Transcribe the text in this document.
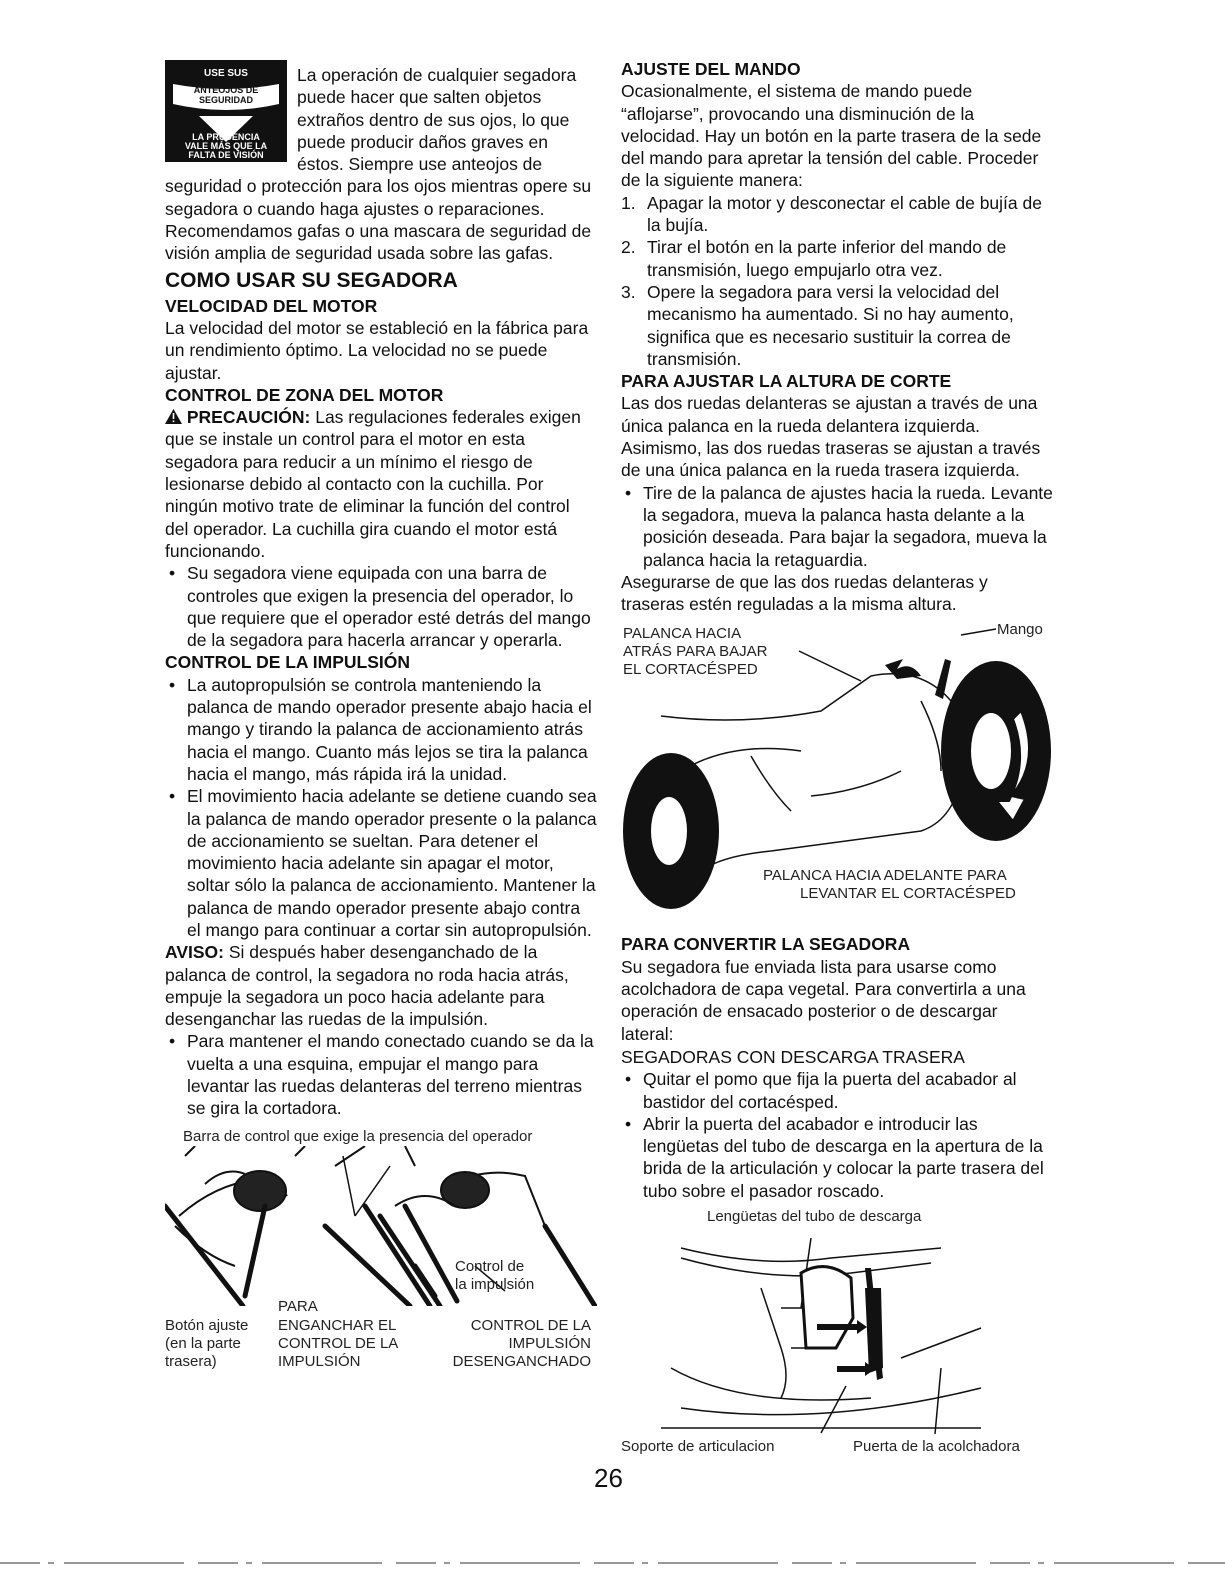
USE SUS
ANTEOJOS DE
SEGURIDAD
LA PRUDENCIA
VALE MÁS QUE LA
FALTA DE VISIÓN

La operación de cualquier segadora puede hacer que salten objetos extraños dentro de sus ojos, lo que puede producir daños graves en éstos. Siempre use anteojos de seguridad o protección para los ojos mientras opere su segadora o cuando haga ajustes o reparaciones. Recomendamos gafas o una mascara de seguridad de visión amplia de seguridad usada sobre las gafas.

COMO USAR SU SEGADORA
VELOCIDAD DEL MOTOR

La velocidad del motor se estableció en la fábrica para un rendimiento óptimo. La velocidad no se puede ajustar.

CONTROL DE ZONA DEL MOTOR

PRECAUCIÓN: Las regulaciones federales exigen que se instale un control para el motor en esta segadora para reducir a un mínimo el riesgo de lesionarse debido al contacto con la cuchilla. Por ningún motivo trate de eliminar la función del control del operador. La cuchilla gira cuando el motor está funcionando.

• Su segadora viene equipada con una barra de controles que exigen la presencia del operador, lo que requiere que el operador esté detrás del mango de la segadora para hacerla arrancar y operarla.
CONTROL DE LA IMPULSIÓN
• La autopropulsión se controla manteniendo la palanca de mando operador presente abajo hacia el mango y tirando la palanca de accionamiento atrás hacia el mango. Cuanto más lejos se tira la palanca hacia el mango, más rápida irá la unidad.
• El movimiento hacia adelante se detiene cuando sea la palanca de mando operador presente o la palanca de accionamiento se sueltan. Para detener el movimiento hacia adelante sin apagar el motor, soltar sólo la palanca de accionamiento. Mantener la palanca de mando operador presente abajo contra el mango para continuar a cortar sin autopropulsión.

AVISO: Si después haber desenganchado de la palanca de control, la segadora no roda hacia atrás, empuje la segadora un poco hacia adelante para desenganchar las ruedas de la impulsión.

• Para mantener el mando conectado cuando se da la vuelta a una esquina, empujar el mango para levantar las ruedas delanteras del terreno mientras se gira la cortadora.
Barra de control que exige la presencia del operador
Control de
la impulsión
PARA
Botón ajuste
(en la parte
trasera)
ENGANCHAR EL
CONTROL DE LA
IMPULSIÓN
CONTROL DE LA
IMPULSIÓN
DESENGANCHADO
AJUSTE DEL MANDO

Ocasionalmente, el sistema de mando puede “aflojarse”, provocando una disminución de la velocidad. Hay un botón en la parte trasera de la sede del mando para apretar la tensión del cable. Proceder de la siguiente manera:

1. Apagar la motor y desconectar el cable de bujía de la bujía.
2. Tirar el botón en la parte inferior del mando de transmisión, luego empujarlo otra vez.
3. Opere la segadora para versi la velocidad del mecanismo ha aumentado. Si no hay aumento, significa que es necesario sustituir la correa de transmisión.
PARA AJUSTAR LA ALTURA DE CORTE

Las dos ruedas delanteras se ajustan a través de una única palanca en la rueda delantera izquierda. Asimismo, las dos ruedas traseras se ajustan a través de una única palanca en la rueda trasera izquierda.

• Tire de la palanca de ajustes hacia la rueda. Levante la segadora, mueva la palanca hasta delante a la posición deseada. Para bajar la segadora, mueva la palanca hacia la retaguardia.

Asegurarse de que las dos ruedas delanteras y traseras estén reguladas a la misma altura.

PALANCA HACIA
ATRÁS PARA BAJAR
EL CORTACÉSPED
Mango
PALANCA HACIA ADELANTE PARA
LEVANTAR EL CORTACÉSPED
PARA CONVERTIR LA SEGADORA

Su segadora fue enviada lista para usarse como acolchadora de capa vegetal. Para convertirla a una operación de ensacado posterior o de descargar lateral:

SEGADORAS CON DESCARGA TRASERA

• Quitar el pomo que fija la puerta del acabador al bastidor del cortacésped.
• Abrir la puerta del acabador e introducir las lengüetas del tubo de descarga en la apertura de la brida de la articulación y colocar la parte trasera del tubo sobre el pasador roscado.
Lengüetas del tubo de descarga
Soporte de articulacion	Puerta de la acolchadora
26
